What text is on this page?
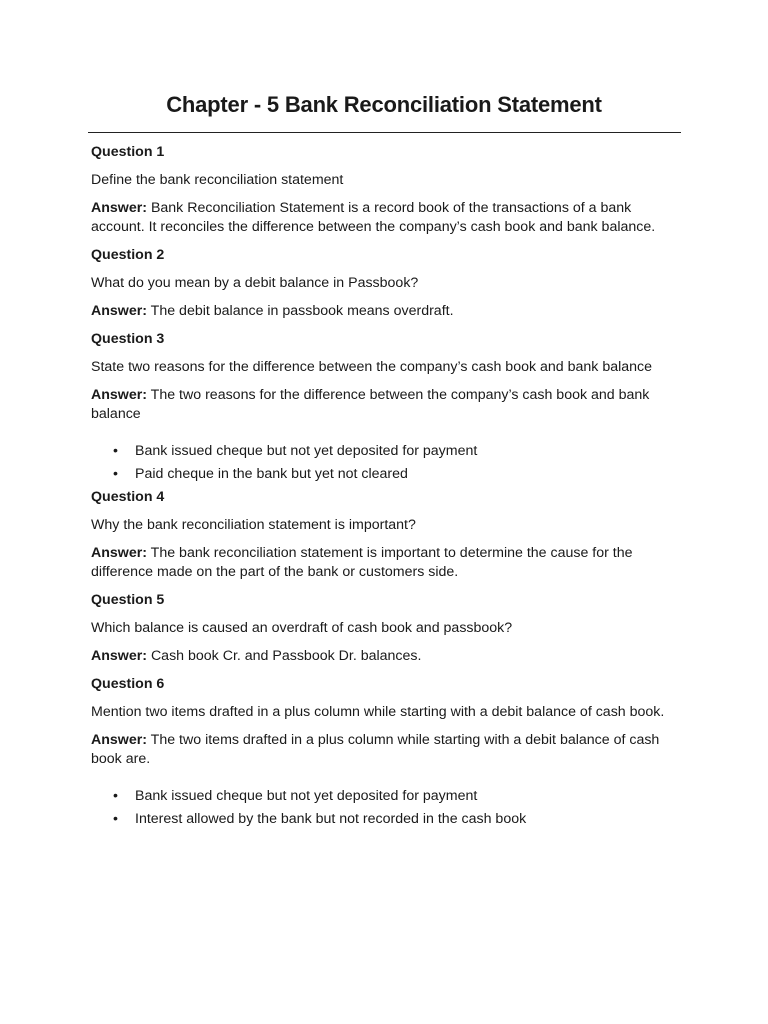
Chapter - 5 Bank Reconciliation Statement

Question 1

Define the bank reconciliation statement

Answer: Bank Reconciliation Statement is a record book of the transactions of a bank account. It reconciles the difference between the company’s cash book and bank balance.

Question 2

What do you mean by a debit balance in Passbook?

Answer: The debit balance in passbook means overdraft.

Question 3

State two reasons for the difference between the company’s cash book and bank balance

Answer: The two reasons for the difference between the company’s cash book and bank balance

• Bank issued cheque but not yet deposited for payment
• Paid cheque in the bank but yet not cleared

Question 4

Why the bank reconciliation statement is important?

Answer: The bank reconciliation statement is important to determine the cause for the difference made on the part of the bank or customers side.

Question 5

Which balance is caused an overdraft of cash book and passbook?

Answer: Cash book Cr. and Passbook Dr. balances.

Question 6

Mention two items drafted in a plus column while starting with a debit balance of cash book.

Answer: The two items drafted in a plus column while starting with a debit balance of cash book are.

• Bank issued cheque but not yet deposited for payment
• Interest allowed by the bank but not recorded in the cash book
